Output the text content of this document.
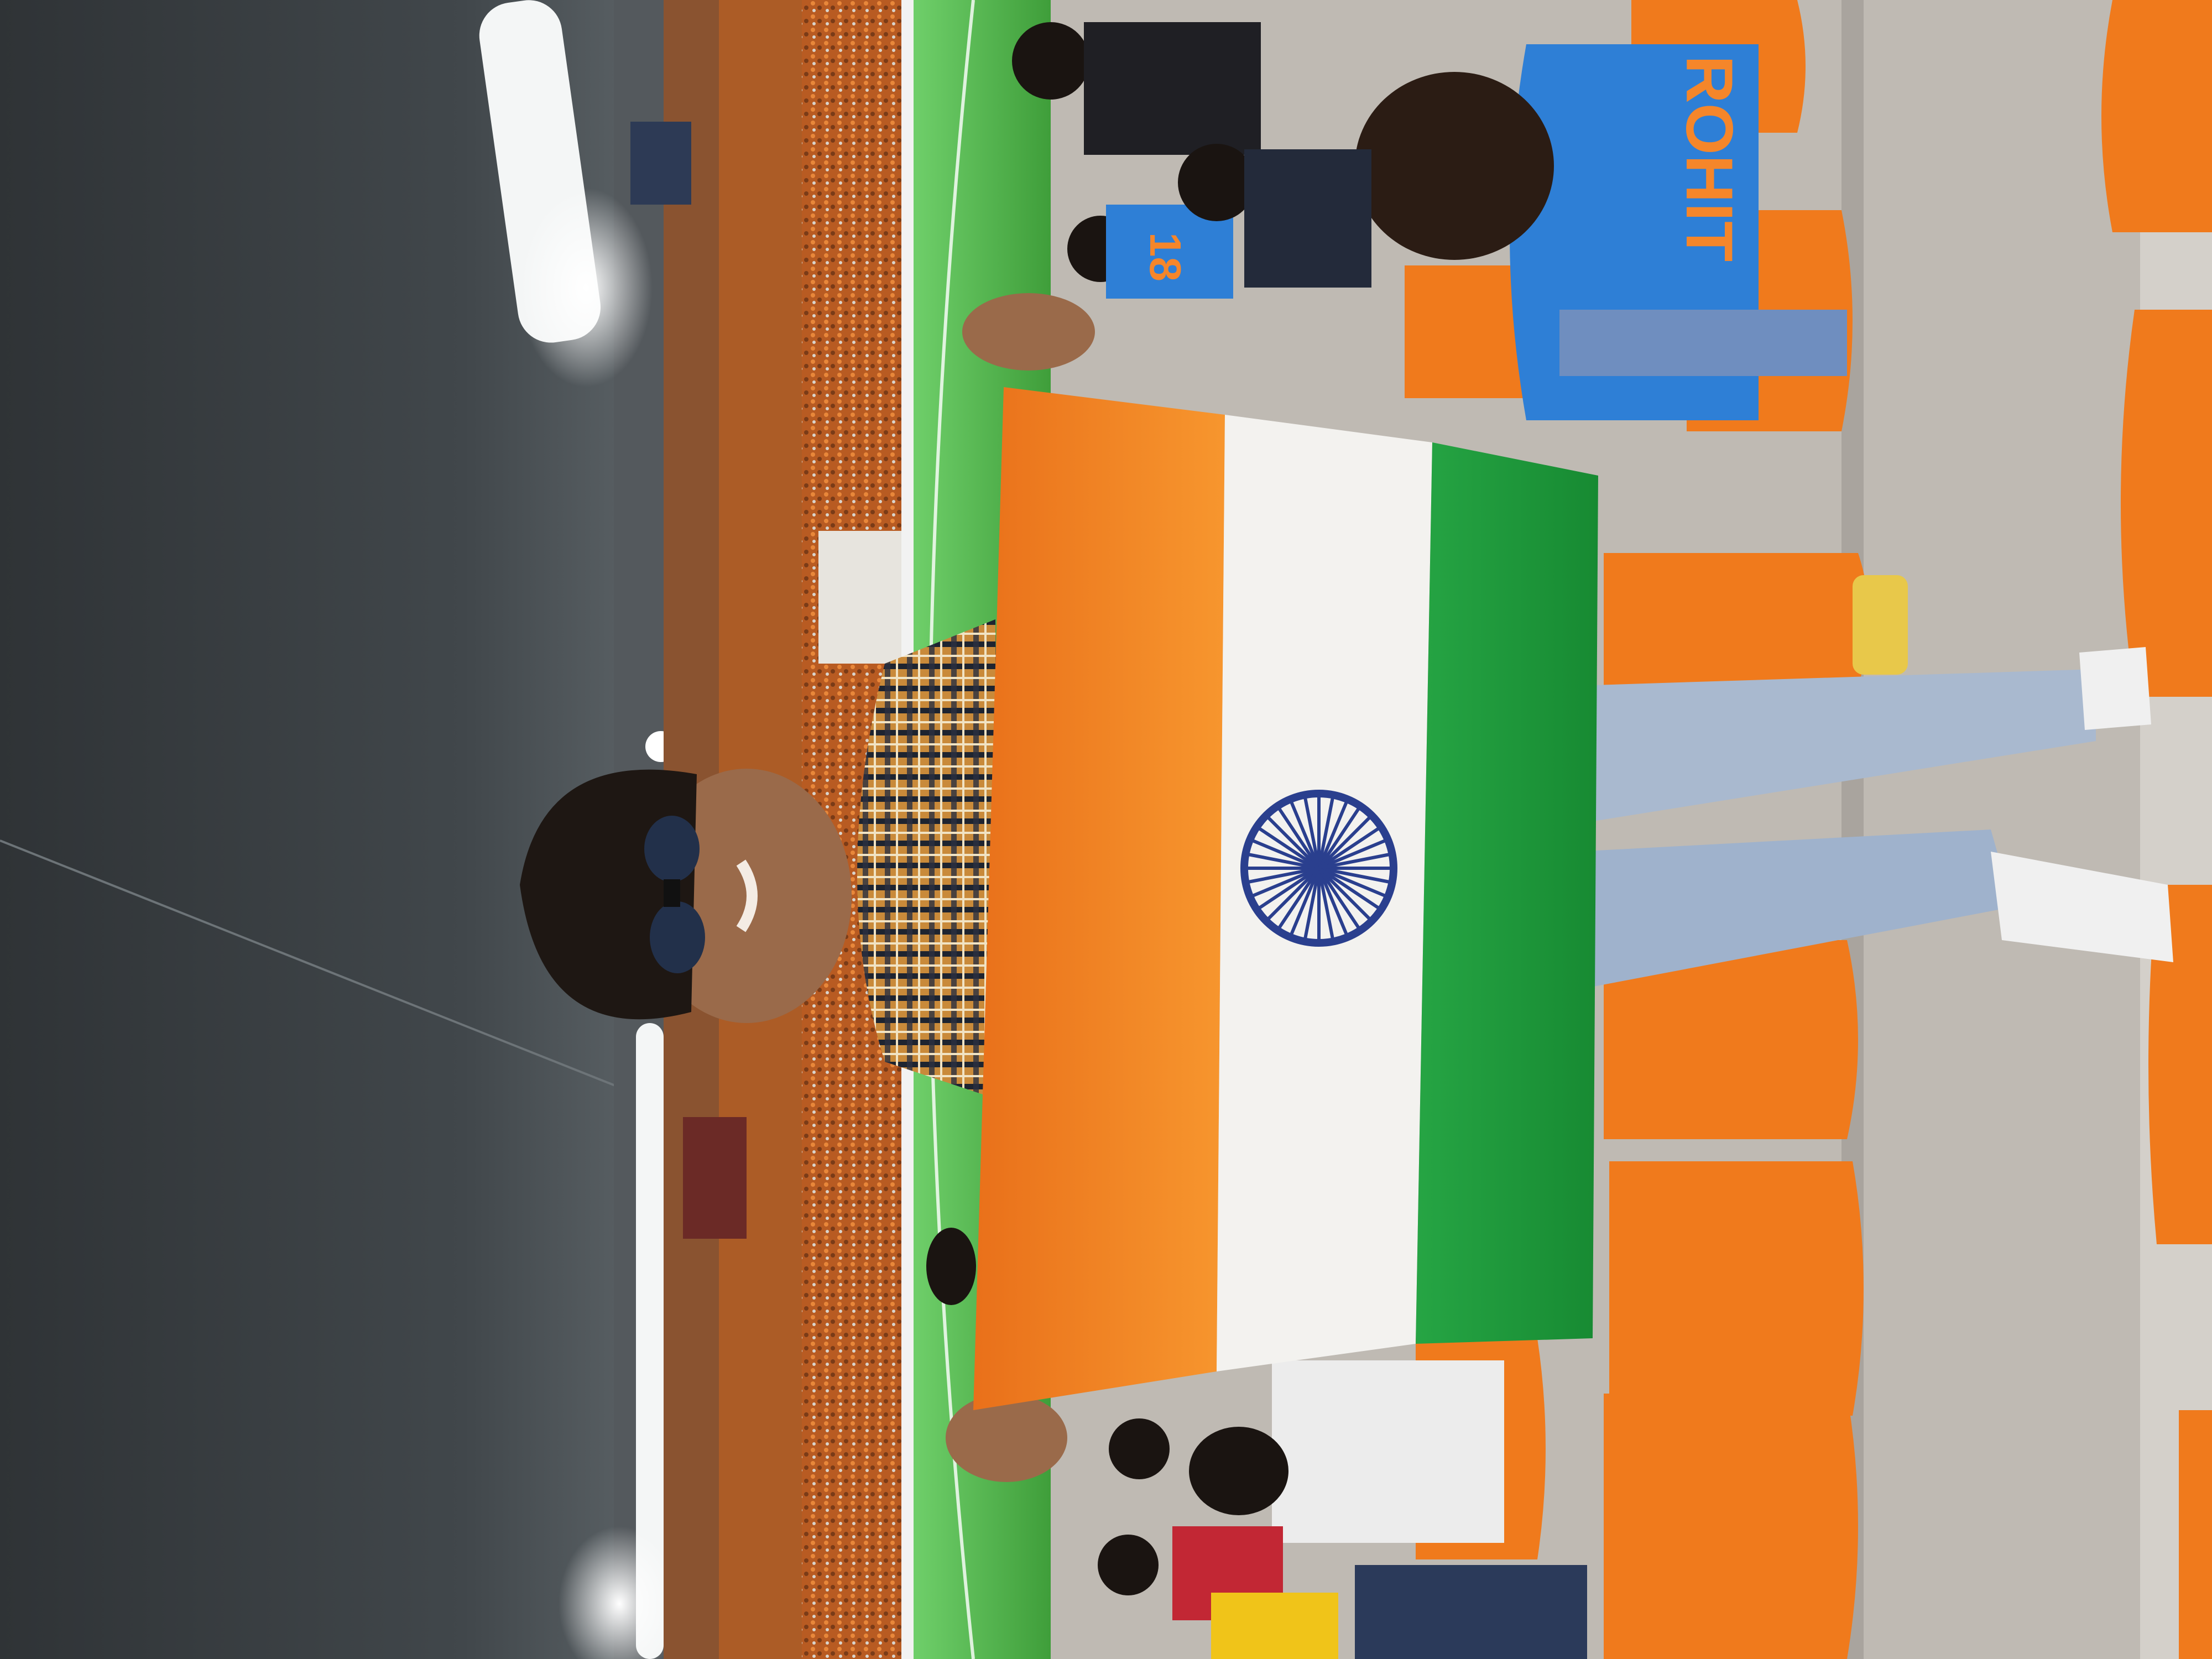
ROHIT
18
